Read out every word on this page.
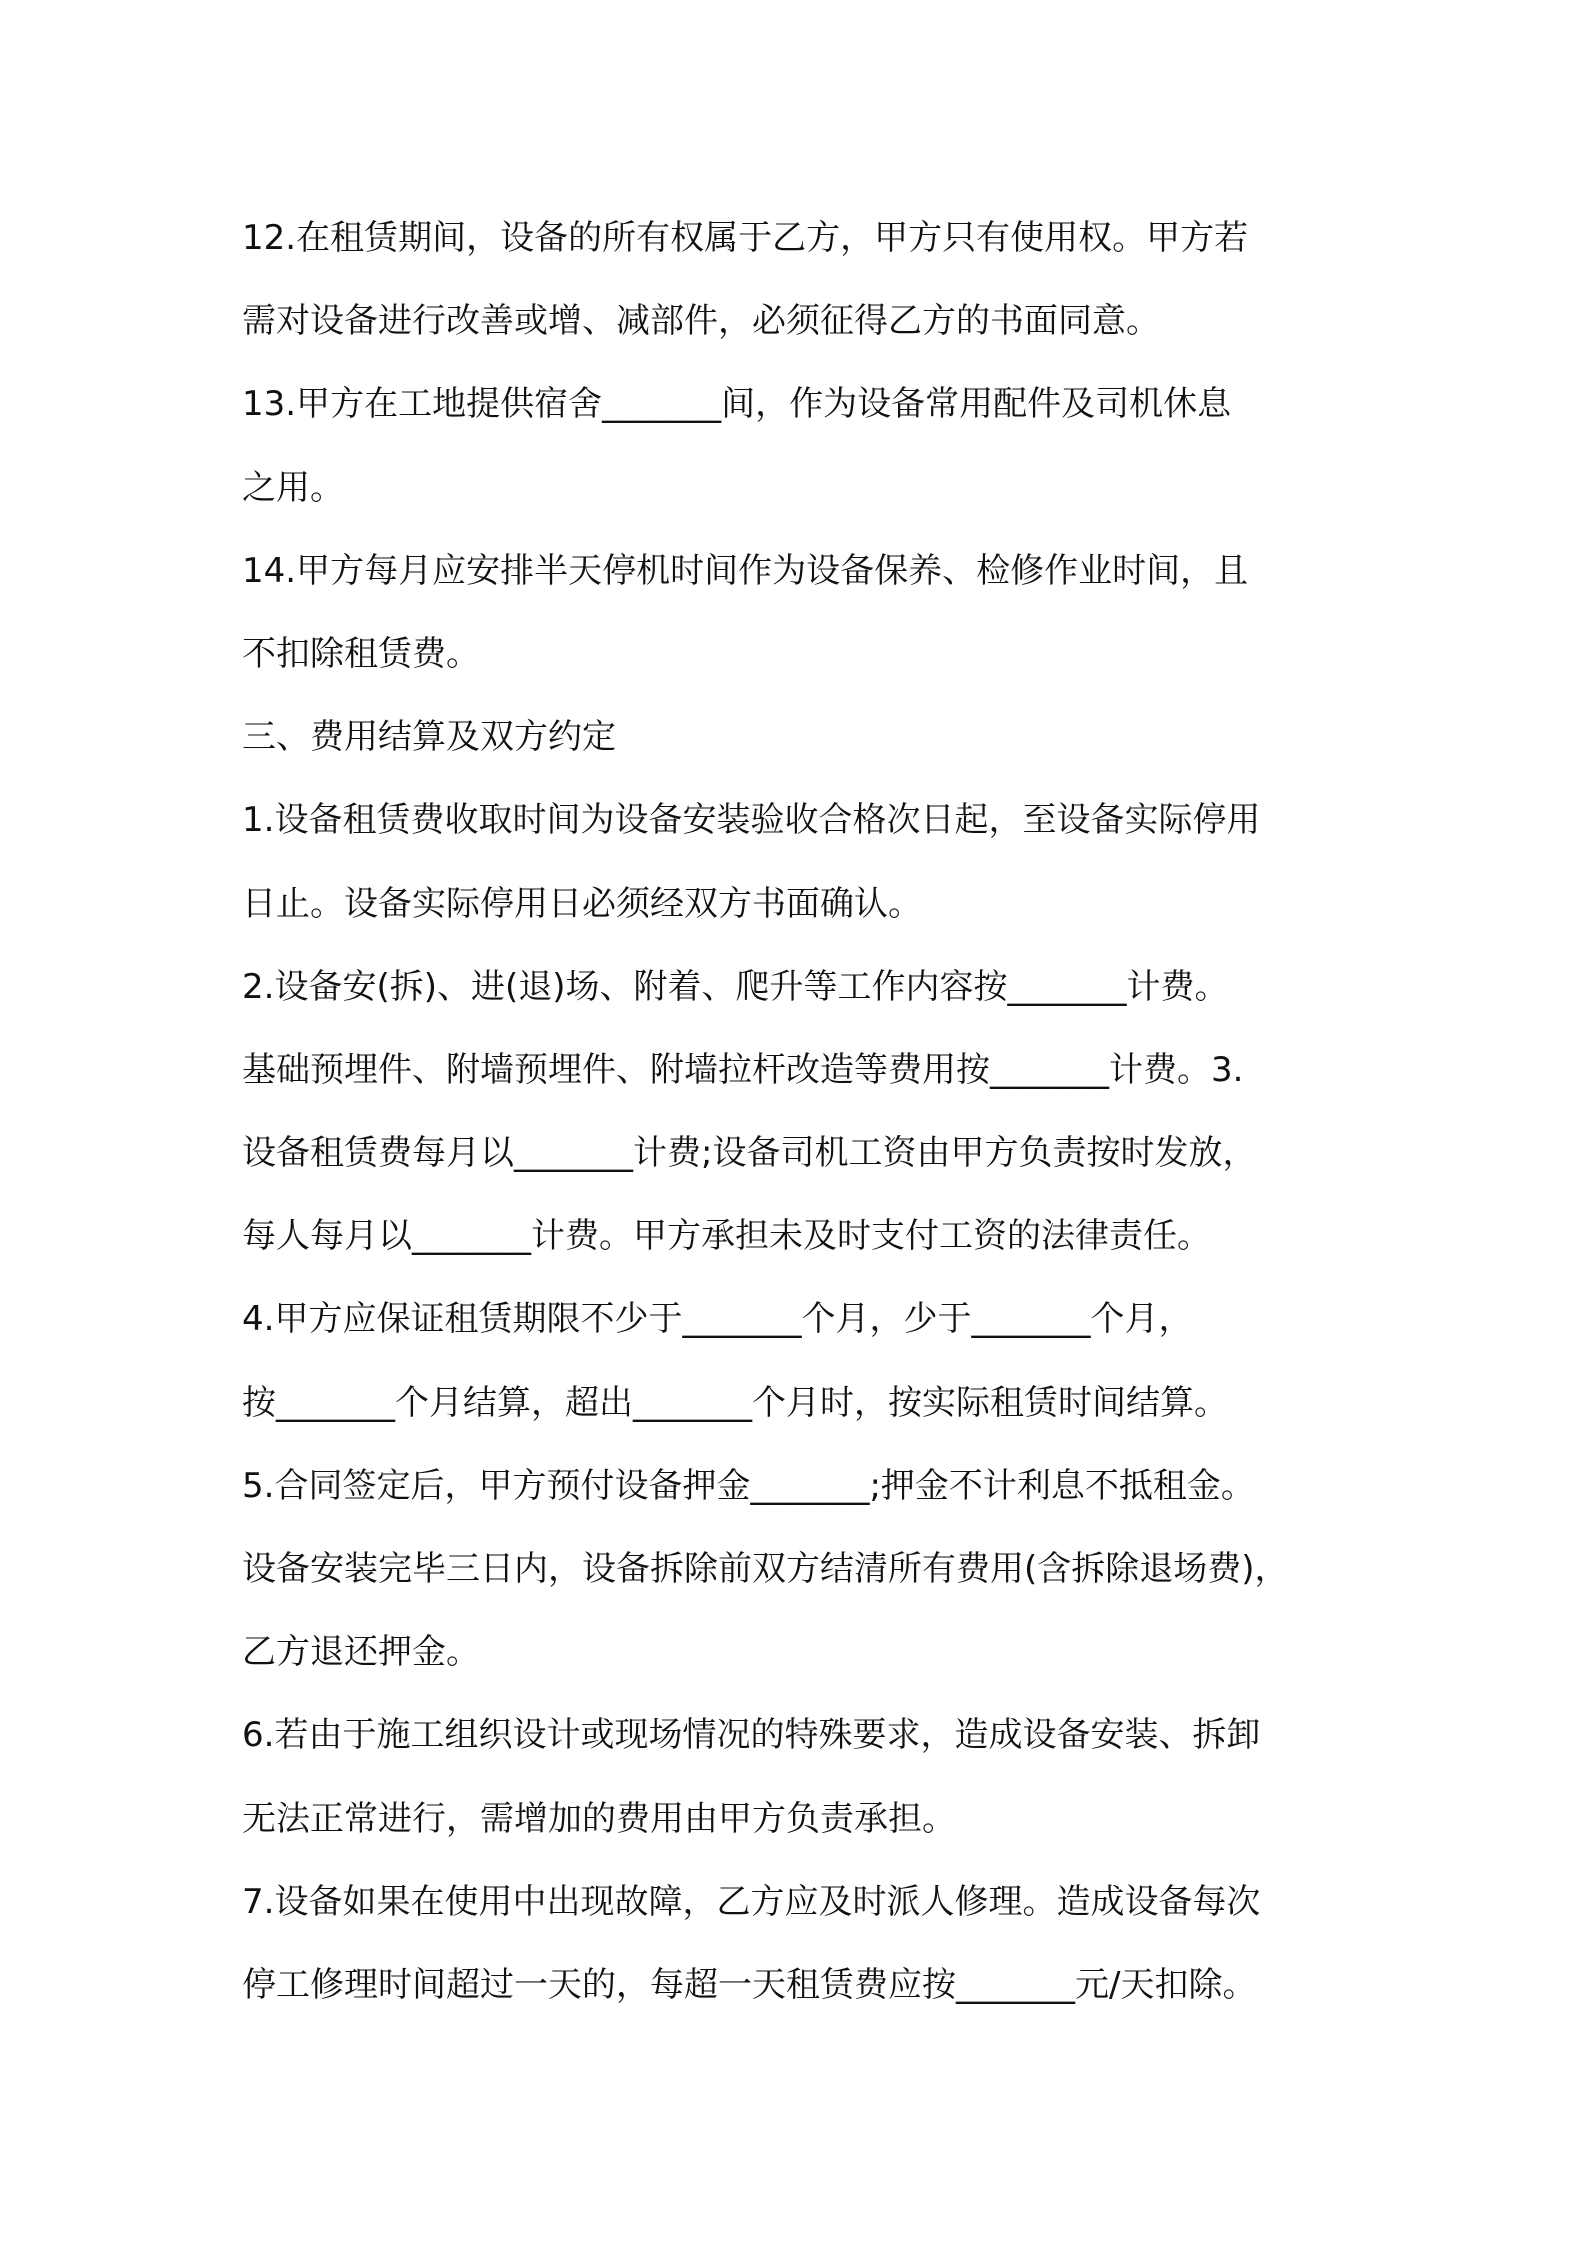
12.在租赁期间，设备的所有权属于乙方，甲方只有使用权。甲方若
需对设备进行改善或增、减部件，必须征得乙方的书面同意。
13.甲方在工地提供宿舍_______间，作为设备常用配件及司机休息
之用。
14.甲方每月应安排半天停机时间作为设备保养、检修作业时间，且
不扣除租赁费。
三、费用结算及双方约定
1.设备租赁费收取时间为设备安装验收合格次日起，至设备实际停用
日止。设备实际停用日必须经双方书面确认。
2.设备安(拆)、进(退)场、附着、爬升等工作内容按_______计费。
基础预埋件、附墙预埋件、附墙拉杆改造等费用按_______计费。3.
设备租赁费每月以_______计费;设备司机工资由甲方负责按时发放，
每人每月以_______计费。甲方承担未及时支付工资的法律责任。
4.甲方应保证租赁期限不少于_______个月，少于_______个月，
按_______个月结算，超出_______个月时，按实际租赁时间结算。
5.合同签定后，甲方预付设备押金_______;押金不计利息不抵租金。
设备安装完毕三日内，设备拆除前双方结清所有费用(含拆除退场费)，
乙方退还押金。
6.若由于施工组织设计或现场情况的特殊要求，造成设备安装、拆卸
无法正常进行，需增加的费用由甲方负责承担。
7.设备如果在使用中出现故障，乙方应及时派人修理。造成设备每次
停工修理时间超过一天的，每超一天租赁费应按_______元/天扣除。
